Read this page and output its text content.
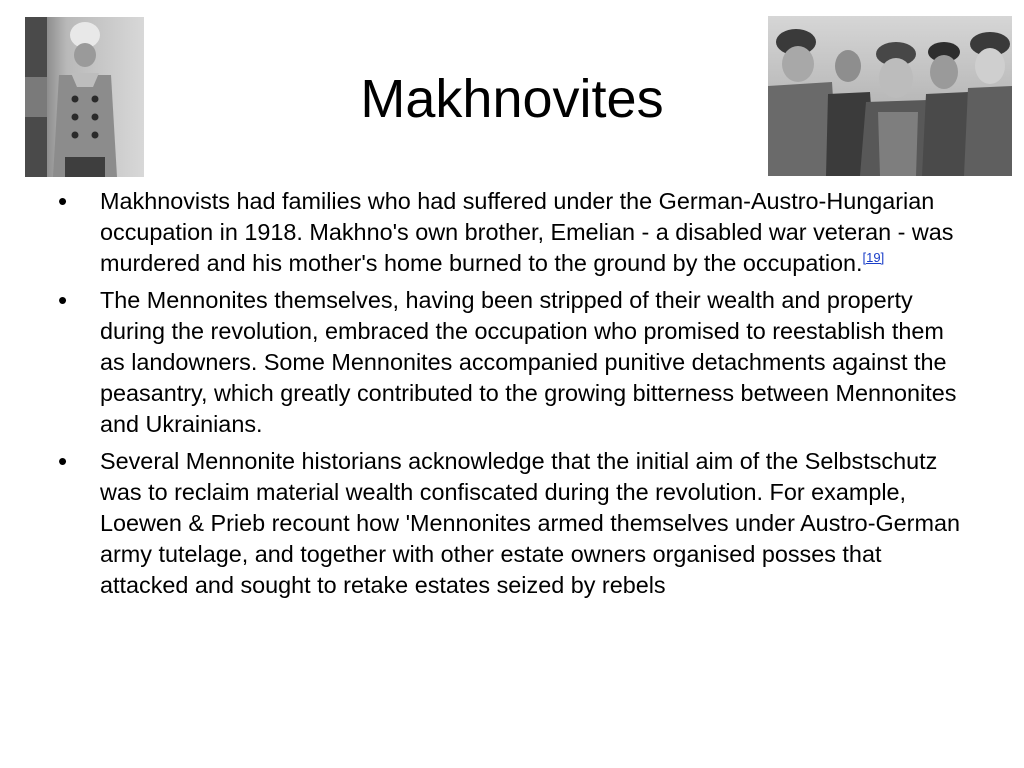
Makhnovites
• Makhnovists had families who had suffered under the German-Austro-Hungarian occupation in 1918. Makhno's own brother, Emelian - a disabled war veteran - was murdered and his mother's home burned to the ground by the occupation.[19]
• The Mennonites themselves, having been stripped of their wealth and property during the revolution, embraced the occupation who promised to reestablish them as landowners. Some Mennonites accompanied punitive detachments against the peasantry, which greatly contributed to the growing bitterness between Mennonites and Ukrainians.
• Several Mennonite historians acknowledge that the initial aim of the Selbstschutz was to reclaim material wealth confiscated during the revolution. For example, Loewen & Prieb recount how 'Mennonites armed themselves under Austro-German army tutelage, and together with other estate owners organised posses that attacked and sought to retake estates seized by rebels
